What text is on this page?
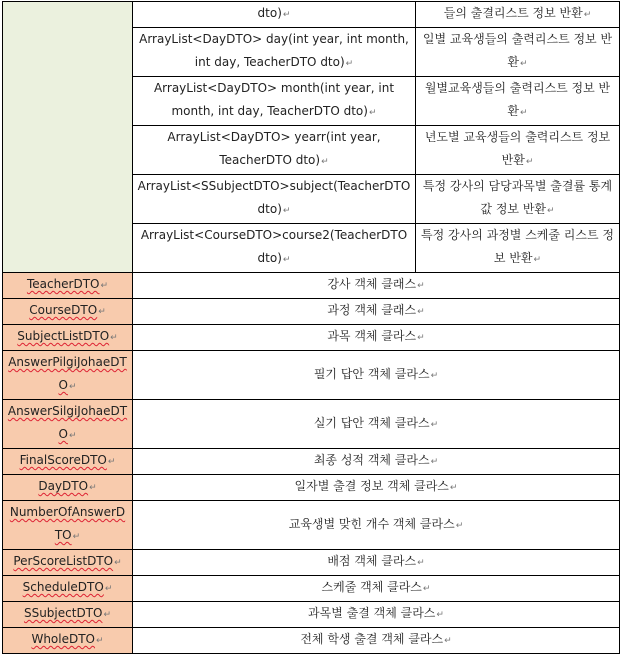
	dto)↵	들의 출결리스트 정보 반환↵
	ArrayList<DayDTO> day(int year, int month, int day, TeacherDTO dto)↵	일별 교육생들의 출력리스트 정보 반환↵
	ArrayList<DayDTO> month(int year, int month, int day, TeacherDTO dto)↵	월별교육생들의 출력리스트 정보 반환↵
	ArrayList<DayDTO> yearr(int year, TeacherDTO dto)↵	년도별 교육생들의 출력리스트 정보 반환↵
	ArrayList<SSubjectDTO>subject(TeacherDTO dto)↵	특정 강사의 담당과목별 출결률 통계값 정보 반환↵
	ArrayList<CourseDTO>course2(TeacherDTO dto)↵	특정 강사의 과정별 스케줄 리스트 정보 반환↵
TeacherDTO↵	강사 객체 클래스↵	
CourseDTO↵	과정 객체 클래스↵	
SubjectListDTO↵	과목 객체 클라스↵	
AnswerPilgiJohaeDTO↵	필기 답안 객체 클라스↵	
AnswerSilgiJohaeDTO↵	실기 답안 객체 클라스↵	
FinalScoreDTO↵	최종 성적 객체 클라스↵	
DayDTO↵	일자별 출결 정보 객체 클라스↵	
NumberOfAnswerDTO↵	교육생별 맞힌 개수 객체 클라스↵	
PerScoreListDTO↵	배점 객체 클라스↵	
ScheduleDTO↵	스케줄 객체 클라스↵	
SSubjectDTO↵	과목별 출결 객체 클라스↵	
WholeDTO↵	전체 학생 출결 객체 클라스↵	
